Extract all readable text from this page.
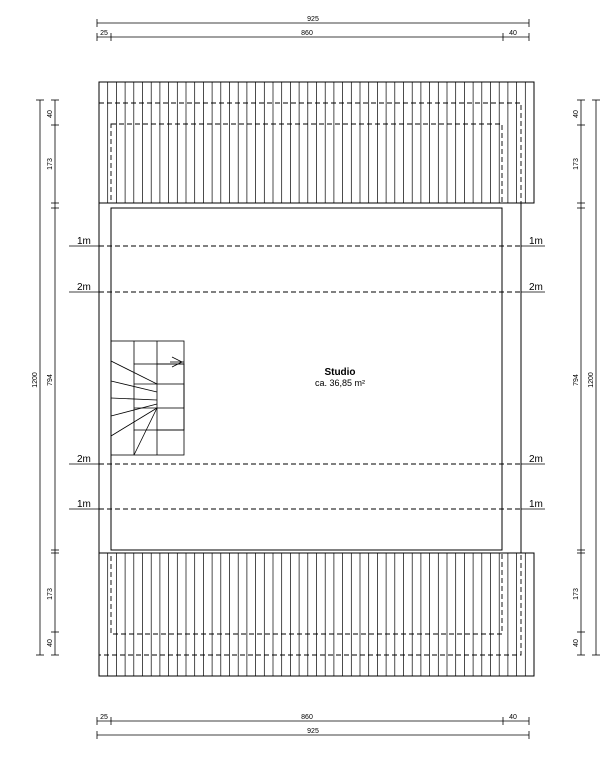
1m	1m
2m	2m
2m	2m
1m	1m
Studio
ca. 36,85 m²
925
25	860	40
25	860	40
925
40
173
794
173
40
1200
40
173
794
173
40
1200
